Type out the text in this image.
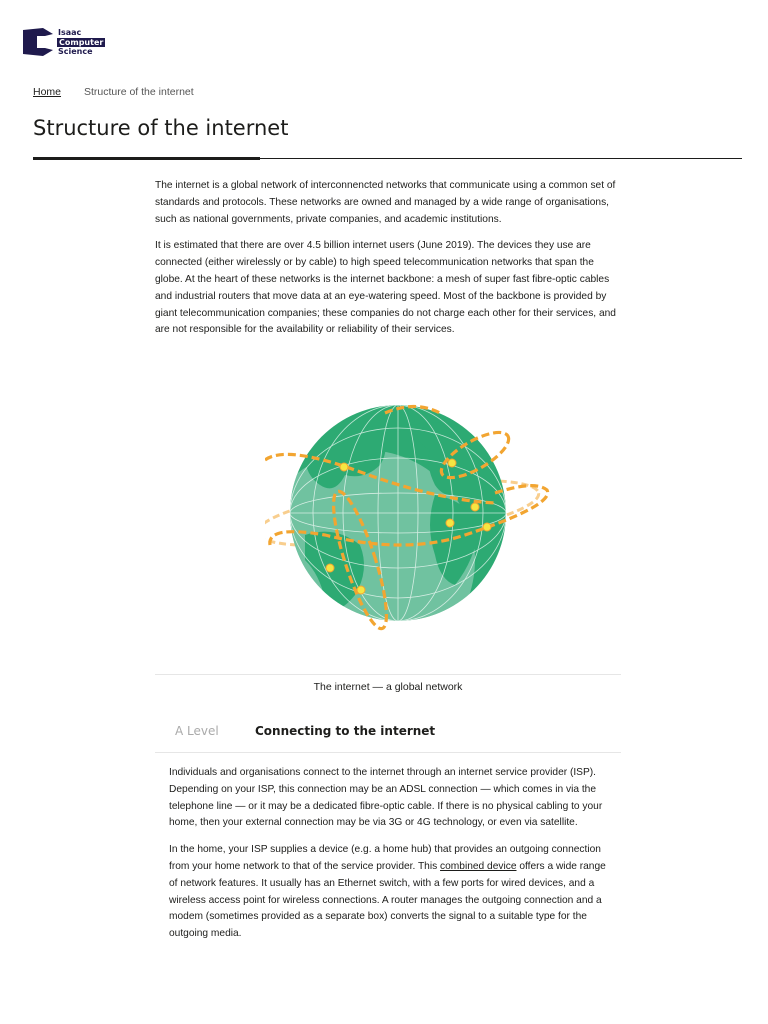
Isaac
Computer
Science
Home Structure of the internet
Structure of the internet

The internet is a global network of interconnencted networks that communicate using a common set of standards and protocols. These networks are owned and managed by a wide range of organisations, such as national governments, private companies, and academic institutions.

It is estimated that there are over 4.5 billion internet users (June 2019). The devices they use are connected (either wirelessly or by cable) to high speed telecommunication networks that span the globe. At the heart of these networks is the internet backbone: a mesh of super fast fibre-optic cables and industrial routers that move data at an eye-watering speed. Most of the backbone is provided by giant telecommunication companies; these companies do not charge each other for their services, and are not responsible for the availability or reliability of their services.

The internet — a global network
A Level	Connecting to the internet

Individuals and organisations connect to the internet through an internet service provider (ISP). Depending on your ISP, this connection may be an ADSL connection — which comes in via the telephone line — or it may be a dedicated fibre-optic cable. If there is no physical cabling to your home, then your external connection may be via 3G or 4G technology, or even via satellite.

In the home, your ISP supplies a device (e.g. a home hub) that provides an outgoing connection from your home network to that of the service provider. This combined device offers a wide range of network features. It usually has an Ethernet switch, with a few ports for wired devices, and a wireless access point for wireless connections. A router manages the outgoing connection and a modem (sometimes provided as a separate box) converts the signal to a suitable type for the outgoing media.
